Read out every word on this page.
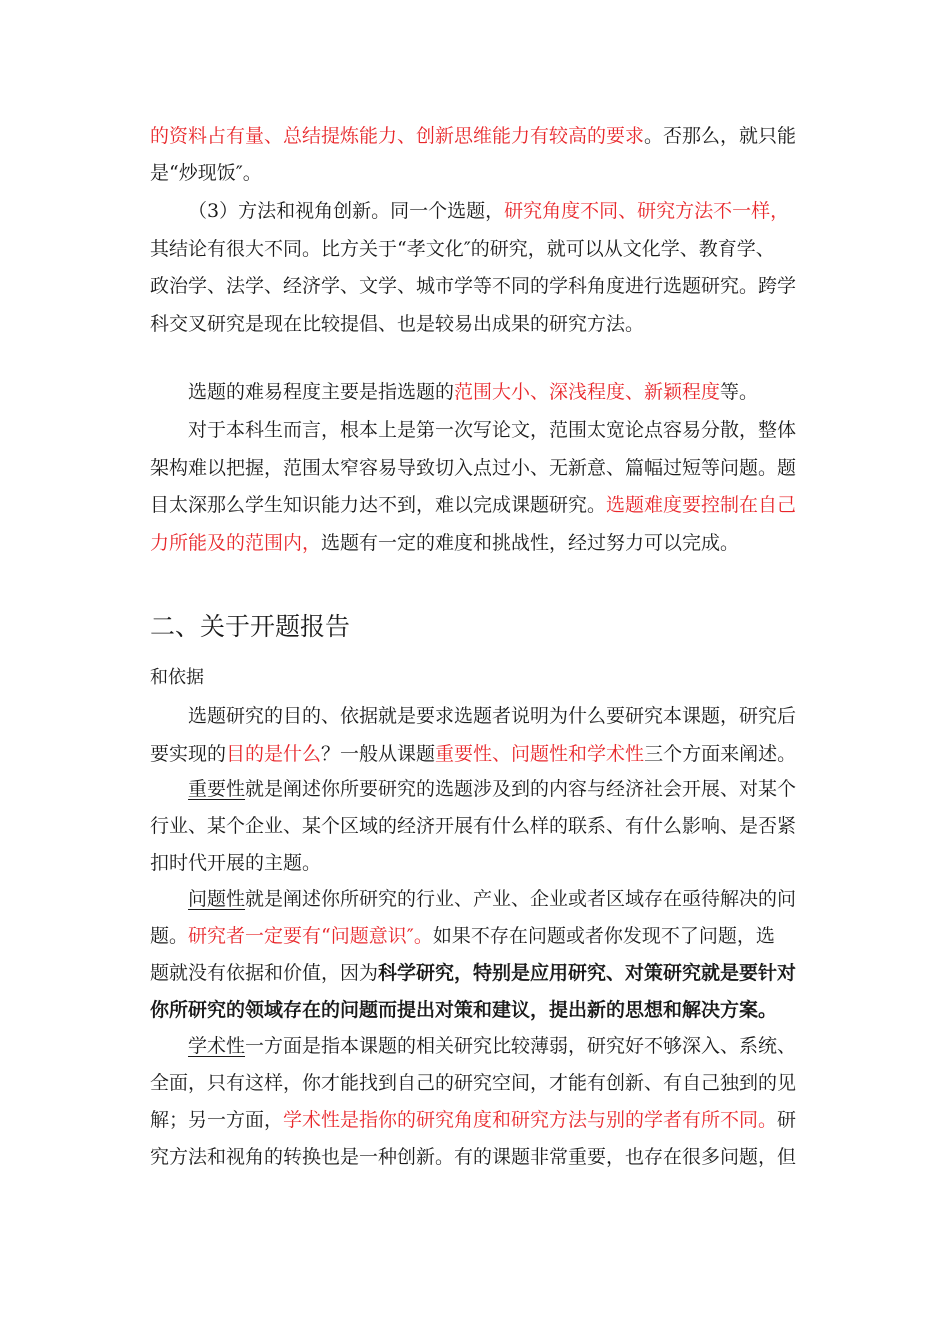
的资料占有量、总结提炼能力、创新思维能力有较高的要求。否那么，就只能
是“炒现饭″。
（3）方法和视角创新。同一个选题，研究角度不同、研究方法不一样，
其结论有很大不同。比方关于“孝文化″的研究，就可以从文化学、教育学、
政治学、法学、经济学、文学、城市学等不同的学科角度进行选题研究。跨学
科交叉研究是现在比较提倡、也是较易出成果的研究方法。
选题的难易程度主要是指选题的范围大小、深浅程度、新颖程度等。
对于本科生而言，根本上是第一次写论文，范围太宽论点容易分散，整体
架构难以把握，范围太窄容易导致切入点过小、无新意、篇幅过短等问题。题
目太深那么学生知识能力达不到，难以完成课题研究。选题难度要控制在自己
力所能及的范围内，选题有一定的难度和挑战性，经过努力可以完成。
二、关于开题报告
和依据
选题研究的目的、依据就是要求选题者说明为什么要研究本课题，研究后
要实现的目的是什么？一般从课题重要性、问题性和学术性三个方面来阐述。
重要性就是阐述你所要研究的选题涉及到的内容与经济社会开展、对某个
行业、某个企业、某个区域的经济开展有什么样的联系、有什么影响、是否紧
扣时代开展的主题。
问题性就是阐述你所研究的行业、产业、企业或者区域存在亟待解决的问
题。研究者一定要有“问题意识″。如果不存在问题或者你发现不了问题，选
题就没有依据和价值，因为科学研究，特别是应用研究、对策研究就是要针对
你所研究的领域存在的问题而提出对策和建议，提出新的思想和解决方案。
学术性一方面是指本课题的相关研究比较薄弱，研究好不够深入、系统、
全面，只有这样，你才能找到自己的研究空间，才能有创新、有自己独到的见
解；另一方面，学术性是指你的研究角度和研究方法与别的学者有所不同。研
究方法和视角的转换也是一种创新。有的课题非常重要，也存在很多问题，但
